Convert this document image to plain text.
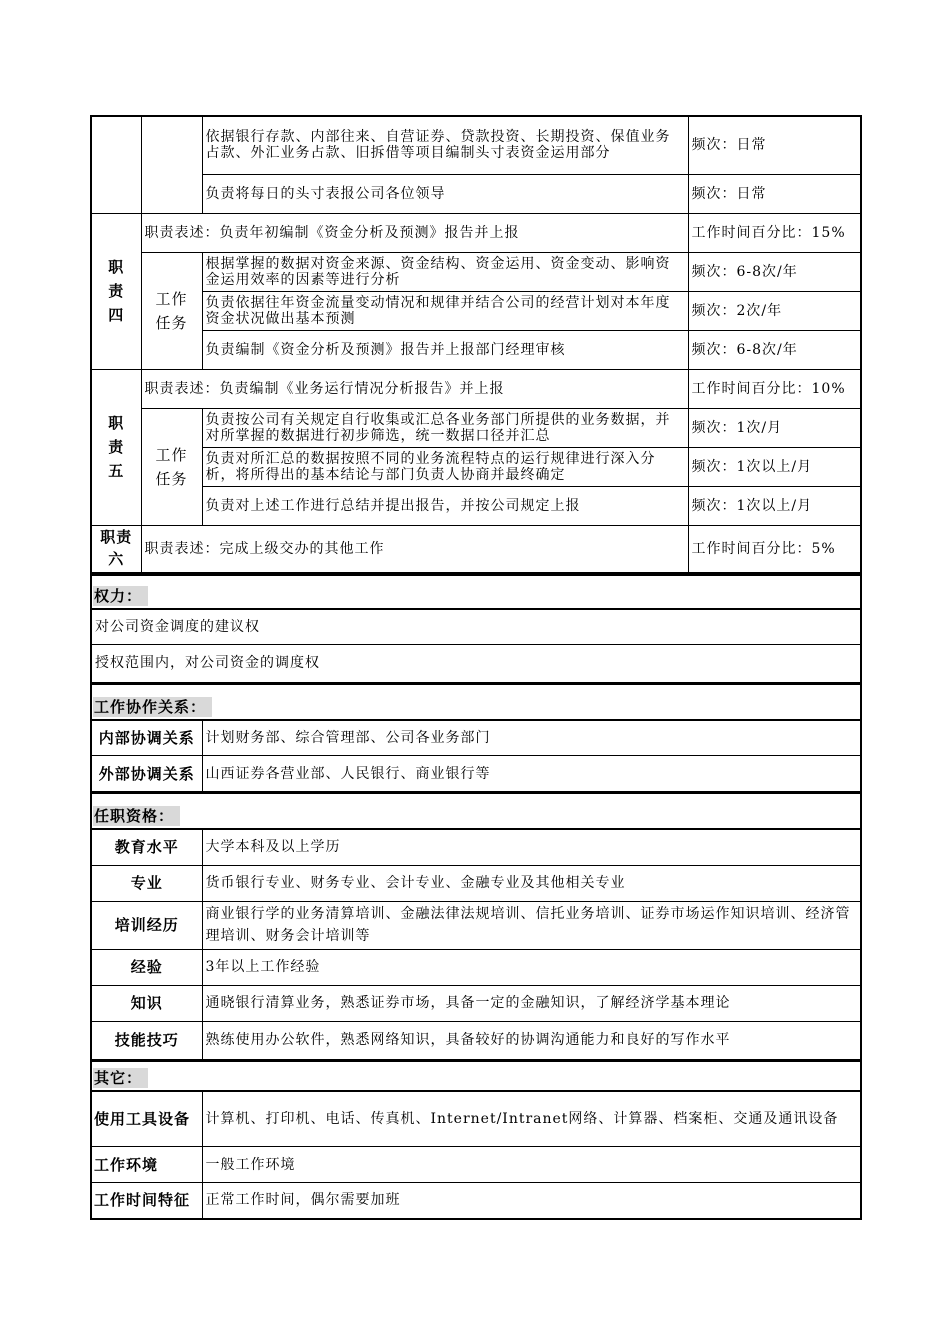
		依据银行存款、内部往来、自营证券、贷款投资、长期投资、保值业务占款、外汇业务占款、旧拆借等项目编制头寸表资金运用部分	频次：日常
		负责将每日的头寸表报公司各位领导	频次：日常
职责四	职责表述：负责年初编制《资金分析及预测》报告并上报		工作时间百分比：15%
	工作任务	根据掌握的数据对资金来源、资金结构、资金运用、资金变动、影响资金运用效率的因素等进行分析	频次：6-8次/年
		负责依据往年资金流量变动情况和规律并结合公司的经营计划对本年度资金状况做出基本预测	频次：2次/年
		负责编制《资金分析及预测》报告并上报部门经理审核	频次：6-8次/年
职责五	职责表述：负责编制《业务运行情况分析报告》并上报		工作时间百分比：10%
	工作任务	负责按公司有关规定自行收集或汇总各业务部门所提供的业务数据，并对所掌握的数据进行初步筛选，统一数据口径并汇总	频次：1次/月
		负责对所汇总的数据按照不同的业务流程特点的运行规律进行深入分析，将所得出的基本结论与部门负责人协商并最终确定	频次：1次以上/月
		负责对上述工作进行总结并提出报告，并按公司规定上报	频次：1次以上/月
职责六	职责表述：完成上级交办的其他工作		工作时间百分比：5%
权力：
对公司资金调度的建议权
授权范围内，对公司资金的调度权
工作协作关系：	
内部协调关系	计划财务部、综合管理部、公司各业务部门
外部协调关系	山西证券各营业部、人民银行、商业银行等
任职资格：	
教育水平	大学本科及以上学历
专业	货币银行专业、财务专业、会计专业、金融专业及其他相关专业
培训经历	商业银行学的业务清算培训、金融法律法规培训、信托业务培训、证券市场运作知识培训、经济管理培训、财务会计培训等
经验	3年以上工作经验
知识	通晓银行清算业务，熟悉证券市场，具备一定的金融知识，了解经济学基本理论
技能技巧	熟练使用办公软件，熟悉网络知识，具备较好的协调沟通能力和良好的写作水平
其它：	
使用工具设备	计算机、打印机、电话、传真机、Internet/Intranet网络、计算器、档案柜、交通及通讯设备
工作环境	一般工作环境
工作时间特征	正常工作时间，偶尔需要加班
